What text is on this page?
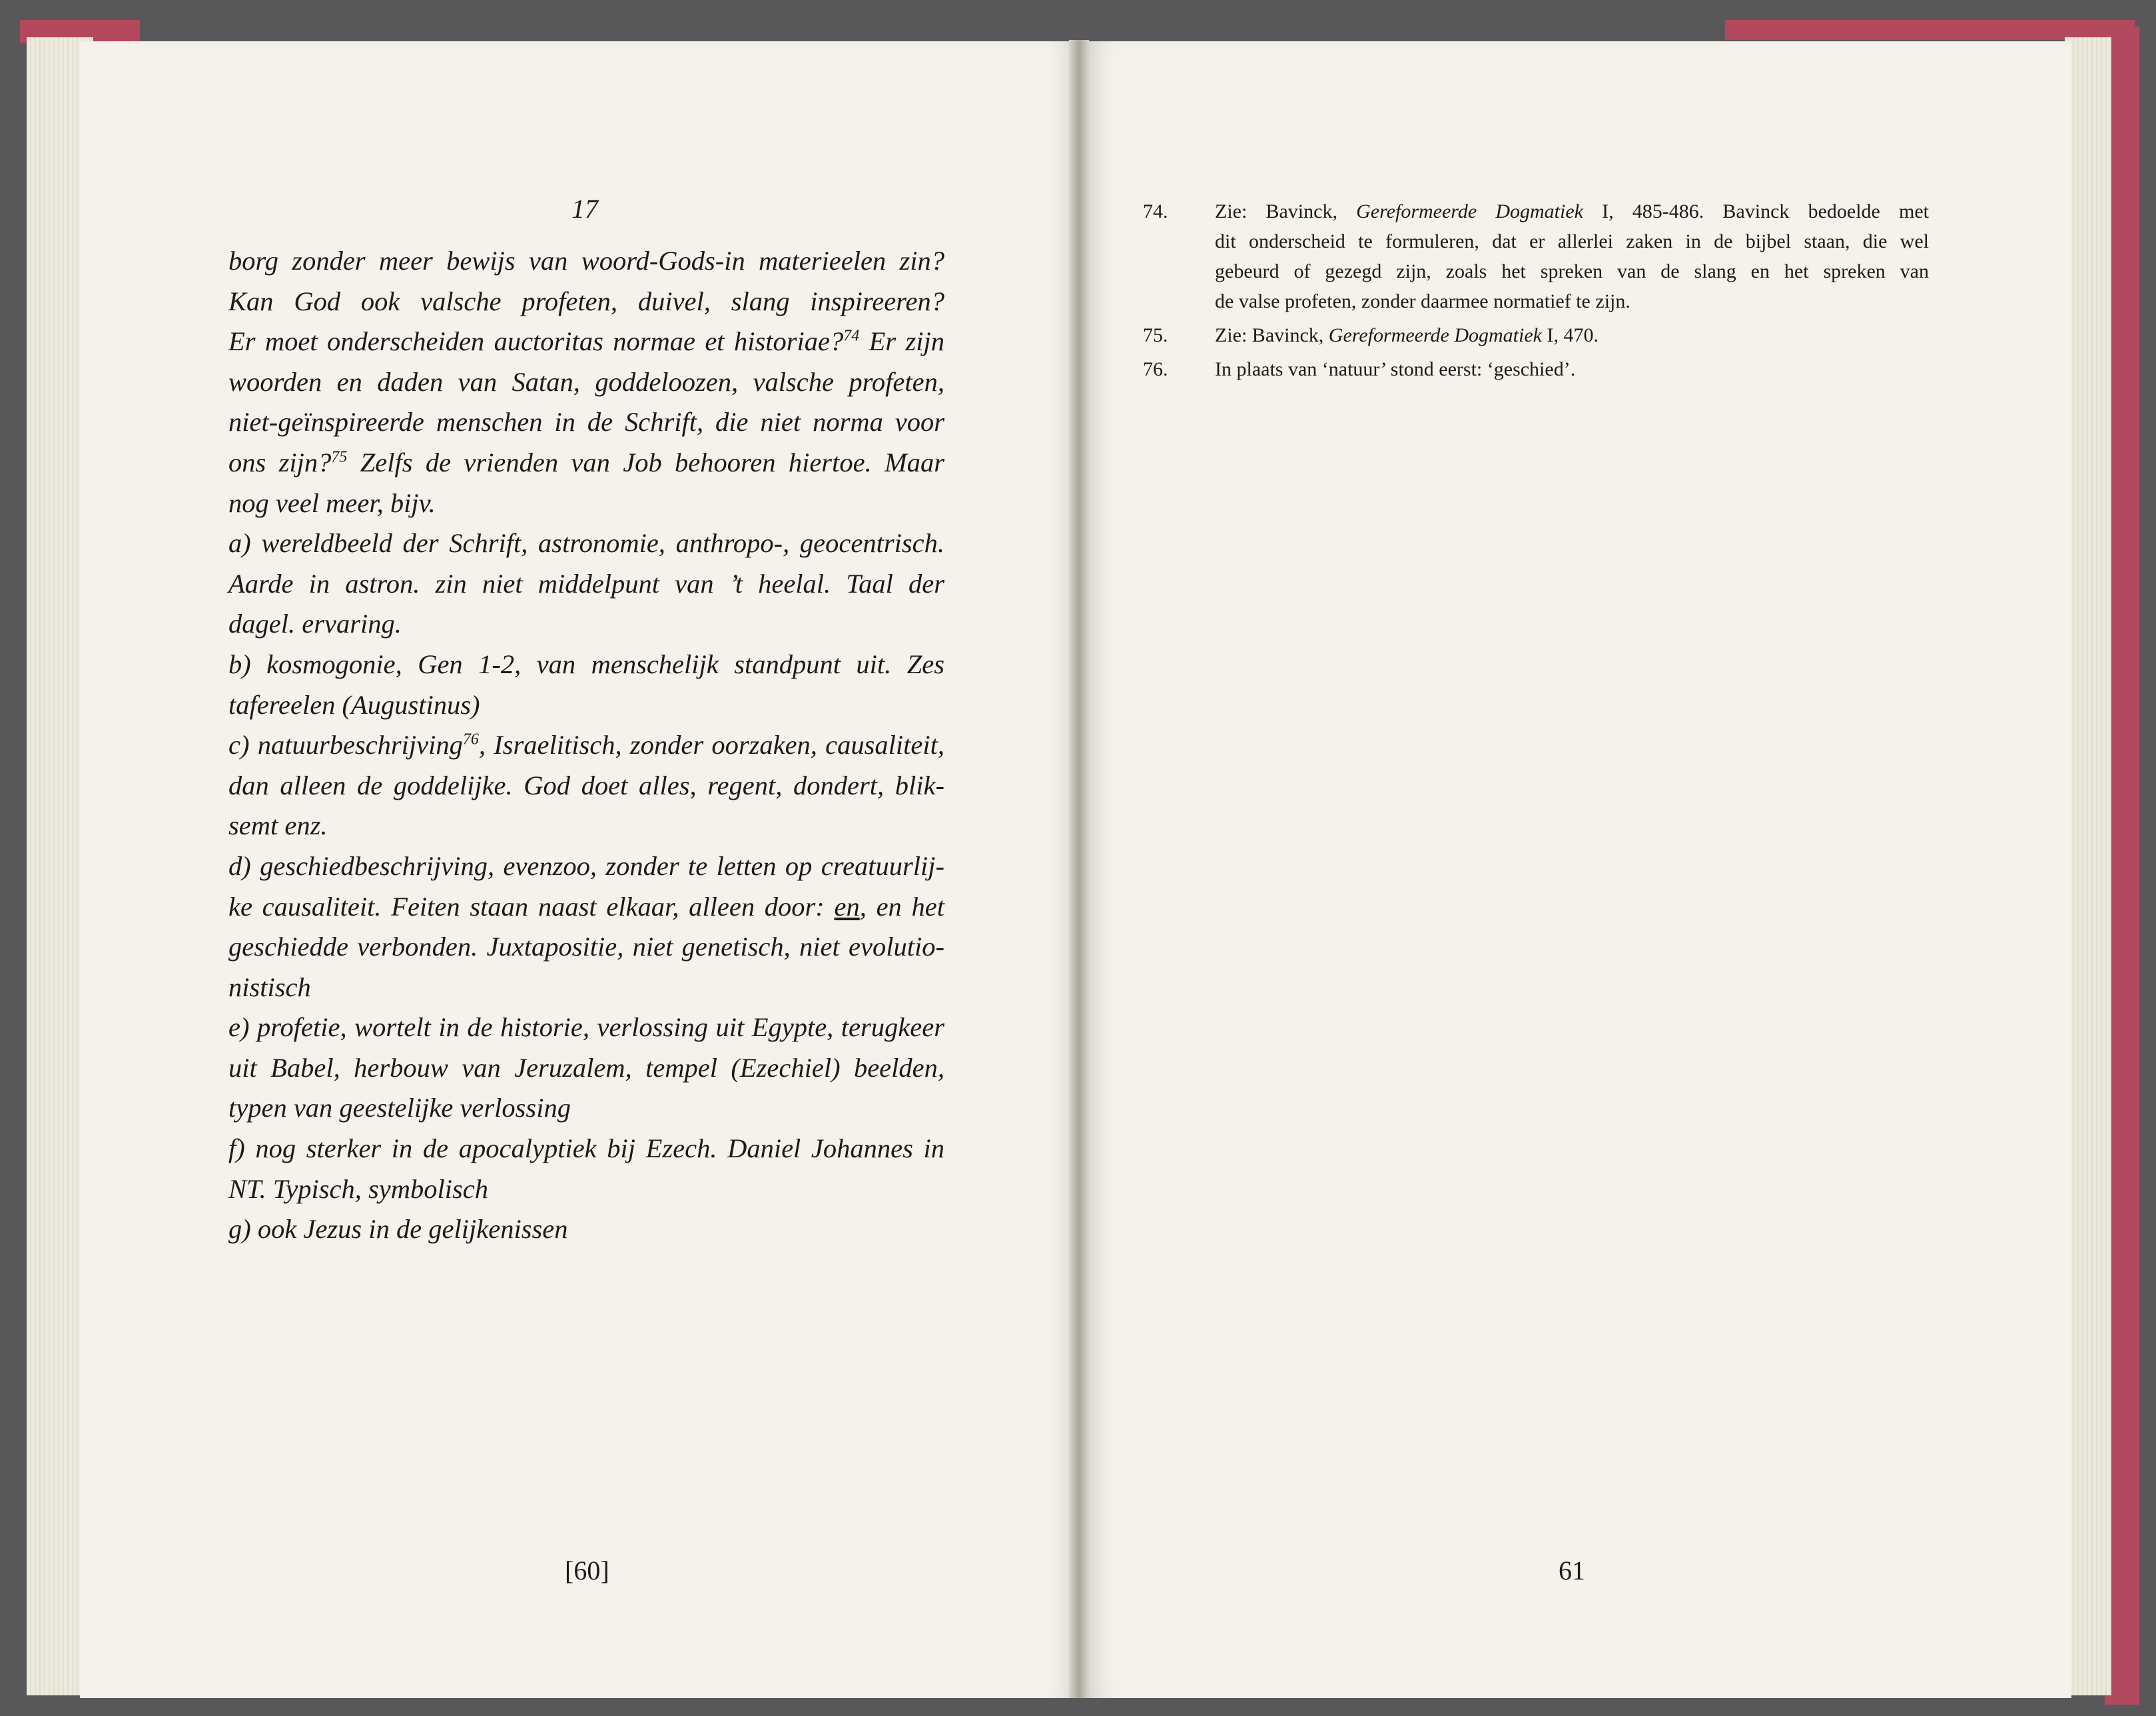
17
borg zonder meer bewijs van woord-Gods-in materieelen zin?
Kan God ook valsche profeten, duivel, slang inspireeren?
Er moet onderscheiden auctoritas normae et historiae?$^{74}$ Er zijn
woorden en daden van Satan, goddeloozen, valsche profeten,
niet-geïnspireerde menschen in de Schrift, die niet norma voor
ons zijn?$^{75}$ Zelfs de vrienden van Job behooren hiertoe. Maar
nog veel meer, bijv.
a) wereldbeeld der Schrift, astronomie, anthropo-, geocentrisch.
Aarde in astron. zin niet middelpunt van ’t heelal. Taal der
dagel. ervaring.
b) kosmogonie, Gen 1-2, van menschelijk standpunt uit. Zes
tafereelen (Augustinus)
c) natuurbeschrijving$^{76}$, Israelitisch, zonder oorzaken, causaliteit,
dan alleen de goddelijke. God doet alles, regent, dondert, blik-
semt enz.
d) geschiedbeschrijving, evenzoo, zonder te letten op creatuurlij-
ke causaliteit. Feiten staan naast elkaar, alleen door: en, en het
geschiedde verbonden. Juxtapositie, niet genetisch, niet evolutio-
nistisch
e) profetie, wortelt in de historie, verlossing uit Egypte, terugkeer
uit Babel, herbouw van Jeruzalem, tempel (Ezechiel) beelden,
typen van geestelijke verlossing
f) nog sterker in de apocalyptiek bij Ezech. Daniel Johannes in
NT. Typisch, symbolisch
g) ook Jezus in de gelijkenissen
[60]
74.	Zie: Bavinck, Gereformeerde Dogmatiek I, 485-486. Bavinck bedoelde met
dit onderscheid te formuleren, dat er allerlei zaken in de bijbel staan, die wel
gebeurd of gezegd zijn, zoals het spreken van de slang en het spreken van
de valse profeten, zonder daarmee normatief te zijn.
75.	Zie: Bavinck, Gereformeerde Dogmatiek I, 470.
76.	In plaats van ‘natuur’ stond eerst: ‘geschied’.
61
